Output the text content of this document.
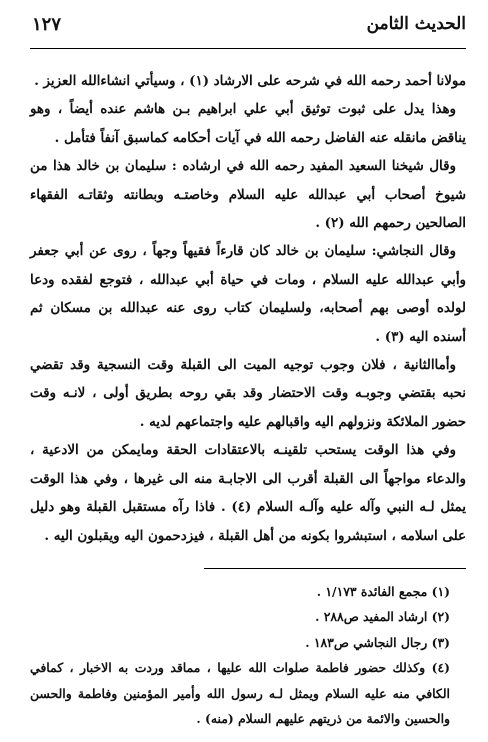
الحديث الثامن
١٢٧

مولانا أحمد رحمه الله في شرحه على الارشاد (١) ، وسيأتي انشاءالله العزيز .

وهذا يدل على ثبوت توثيق أبي علي ابراهيم بـن هاشم عنده أيضاً ، وهو يناقض مانقله عنه الفاضل رحمه الله في آيات أحكامه كماسبق آنفاً فتأمل .

وقال شيخنا السعيد المفيد رحمه الله في ارشاده : سليمان بن خالد هذا من شيوخ أصحاب أبي عبدالله عليه السلام وخاصتـه وبطانته وثقاتـه الفقهاء الصالحين رحمهم الله (٢) .

وقال النجاشي: سليمان بن خالد كان قارءاً فقيهاً وجهاً ، روى عن أبي جعفر وأبي عبدالله عليه السلام ، ومات في حياة أبي عبدالله ، فتوجع لفقده ودعا لولده أوصى بهم أصحابه، ولسليمان كتاب روى عنه عبدالله بن مسكان ثم أسنده اليه (٣) .

وأماالثانية ، فلان وجوب توجيه الميت الى القبلة وقت النسجية وقد تقضي نحبه بقتضي وجوبـه وقت الاحتضار وقد بقي روحه بطريق أولى ، لانـه وقت حضور الملائكة ونزولهم اليه واقبالهم عليه واجتماعهم لديه .

وفي هذا الوقت يستحب تلقينـه بالاعتقادات الحقة ومايمكن من الادعية ، والدعاء مواجهاً الى القبلة أقرب الى الاجابـة منه الى غيرها ، وفي هذا الوقت يمثل لـه النبي وآله عليه وآلـه السلام (٤) . فاذا رآه مستقبل القبلة وهو دليل على اسلامه ، استبشروا بكونه من أهل القبلة ، فيزدحمون اليه ويقبلون اليه .

(١) مجمع الفائدة ١/١٧٣ .

(٢) ارشاد المفيد ص٢٨٨ .

(٣) رجال النجاشي ص١٨٣ .

(٤) وكذلك حضور فاطمة صلوات الله عليها ، مماقد وردت به الاخبار ، كمافي الكافي منه عليه السلام ويمثل لـه رسول الله وأمير المؤمنين وفاطمة والحسن والحسين والائمة من ذريتهم عليهم السلام (منه) .
